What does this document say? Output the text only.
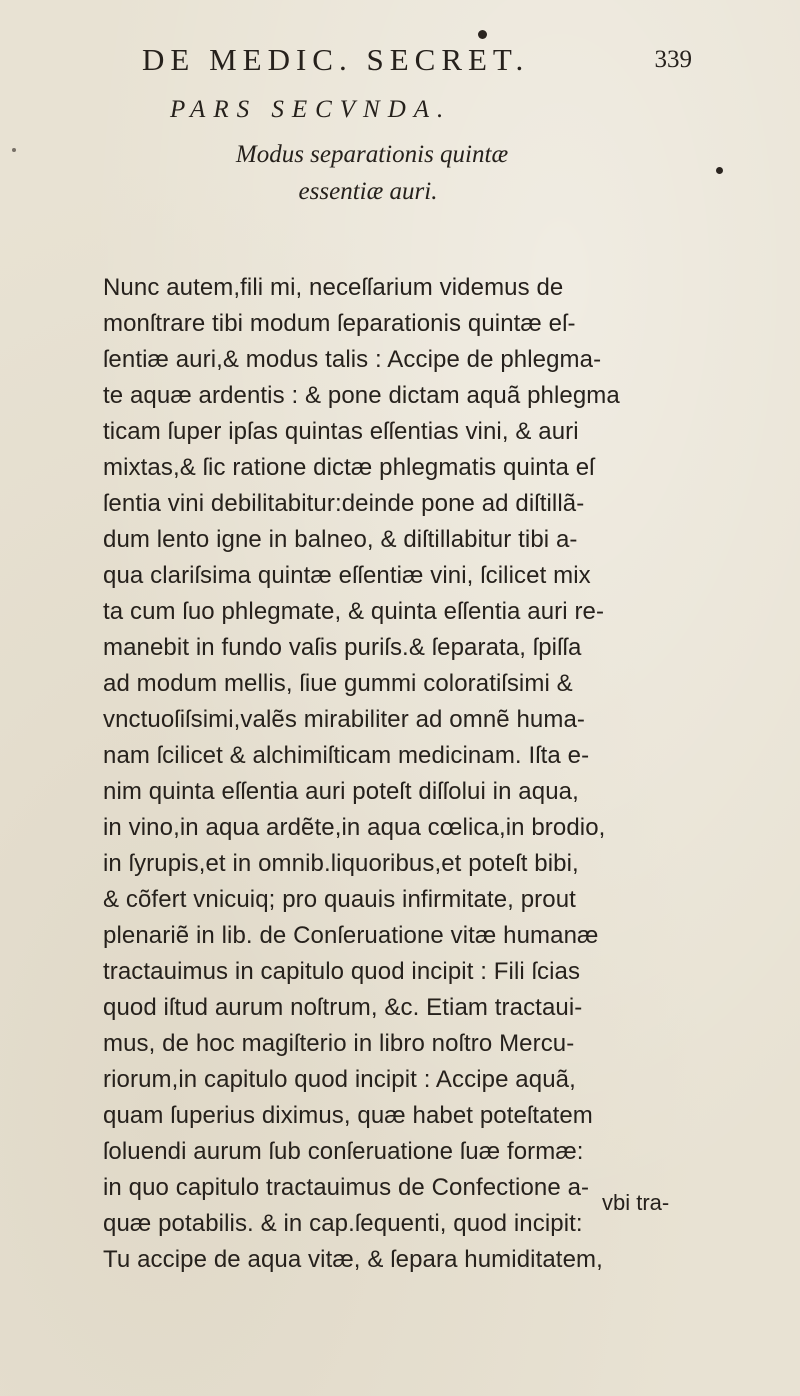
DE MEDIC. SECRET.	339
PARS SECVNDA.
Modus separationis quintæ
essentiæ auri.
Nunc autem,fili mi, neceſſarium videmus de
monſtrare tibi modum ſeparationis quintæ eſ-
ſentiæ auri,& modus talis : Accipe de phlegma-
te aquæ ardentis : & pone dictam aquã phlegma
ticam ſuper ipſas quintas eſſentias vini, & auri
mixtas,& ſic ratione dictæ phlegmatis quinta eſ
ſentia vini debilitabitur:deinde pone ad diſtillã-
dum lento igne in balneo, & diſtillabitur tibi a-
qua clariſsima quintæ eſſentiæ vini, ſcilicet mix
ta cum ſuo phlegmate, & quinta eſſentia auri re-
manebit in fundo vaſis puriſs.& ſeparata, ſpiſſa
ad modum mellis, ſiue gummi coloratiſsimi &
vnctuoſiſsimi,valẽs mirabiliter ad omnẽ huma-
nam ſcilicet & alchimiſticam medicinam. Iſta e-
nim quinta eſſentia auri poteſt diſſolui in aqua,
in vino,in aqua ardẽte,in aqua cœlica,in brodio,
in ſyrupis,et in omnib.liquoribus,et poteſt bibi,
& cõfert vnicuiq; pro quauis infirmitate, prout
plenariẽ in lib. de Conſeruatione vitæ humanæ
tractauimus in capitulo quod incipit : Fili ſcias
quod iſtud aurum noſtrum, &c. Etiam tractaui-
mus, de hoc magiſterio in libro noſtro Mercu-
riorum,in capitulo quod incipit : Accipe aquã,
quam ſuperius diximus, quæ habet poteſtatem
ſoluendi aurum ſub conſeruatione ſuæ formæ:
in quo capitulo tractauimus de Confectione a-
quæ potabilis. & in cap.ſequenti, quod incipit:
Tu accipe de aqua vitæ, & ſepara humiditatem,
vbi tra-
